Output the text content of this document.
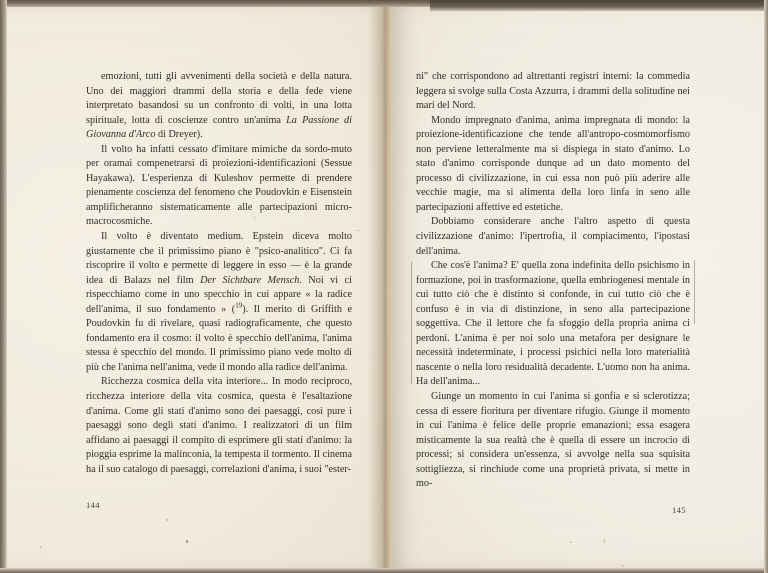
emozioni, tutti gli avvenimenti della società e della natura. Uno dei maggiori drammi della storia e della fede viene interpretato basandosi su un confronto di volti, in una lotta spirituale, lotta di coscienze contro un'anima La Passione di Giovanna d'Arco di Dreyer).

Il volto ha infatti cessato d'imitare mimiche da sordo-muto per oramai compenetrarsi di proiezioni-identificazioni (Sessue Hayakawa). L'esperienza di Kuleshov permette di prendere pienamente coscienza del fenomeno che Poudovkin e Eisenstein amplificheranno sistematicamente alle partecipazioni micro-macrocosmiche.

Il volto è diventato medium. Epstein diceva molto giustamente che il primissimo piano è "psico-analitico". Ci fa riscoprire il volto e permette di leggere in esso — è la grande idea di Balazs nel film Der Sichtbare Mensch. Noi vi ci rispecchiamo come in uno specchio in cui appare « la radice dell'anima, il suo fondamento » ($^{19}$). Il merito di Griffith e Poudovkin fu di rivelare, quasi radiograficamente, che questo fondamento era il cosmo: il volto è specchio dell'anima, l'anima stessa è specchio del mondo. Il primissimo piano vede molto di più che l'anima nell'anima, vede il mondo alla radice dell'anima.

Ricchezza cosmica della vita interiore... In modo reciproco, ricchezza interiore della vita cosmica, questa è l'esaltazione d'anima. Come gli stati d'animo sono dei paesaggi, così pure i paesaggi sono degli stati d'animo. I realizzatori di un film affidano ai paesaggi il compito di esprimere gli stati d'animo: la pioggia esprime la malinconia, la tempesta il tormento. Il cinema ha il suo catalogo di paesaggi, correlazioni d'anima, i suoi "ester-

144

ni" che corrispondono ad altrettanti registri interni: la commedia leggera si svolge sulla Costa Azzurra, i drammi della solitudine nei mari del Nord.

Mondo impregnato d'anima, anima impregnata di mondo: la proiezione-identificazione che tende all'antropo-cosmomorfismo non perviene letteralmente ma si dispiega in stato d'animo. Lo stato d'animo corrisponde dunque ad un dato momento del processo di civilizzazione, in cui essa non può più aderire alle vecchie magie, ma si alimenta della loro linfa in seno alle partecipazioni affettive ed estetiche.

Dobbiamo considerare anche l'altro aspetto di questa civilizzazione d'animo: l'ipertrofia, il compiacimento, l'ipostasi dell'anima.

Che cos'è l'anima? E' quella zona indefinita dello psichismo in formazione, poi in trasformazione, quella embriogenesi mentale in cui tutto ciò che è distinto si confonde, in cui tutto ciò che è confuso è in via di distinzione, in seno alla partecipazione soggettiva. Che il lettore che fa sfoggio della propria anima ci perdoni. L'anima è per noi solo una metafora per designare le necessità indeterminate, i processi psichici nella loro materialità nascente o nella loro residualità decadente. L'uomo non ha anima. Ha dell'anima...

Giunge un momento in cui l'anima si gonfia e si sclerotizza; cessa di essere fioritura per diventare rifugio. Giunge il momento in cui l'anima è felice delle proprie emanazioni; essa esagera misticamente la sua realtà che è quella di essere un incrocio di processi; si considera un'essenza, si avvolge nella sua squisita sottigliezza, si rinchiude come una proprietà privata, si mette in mo-

145
